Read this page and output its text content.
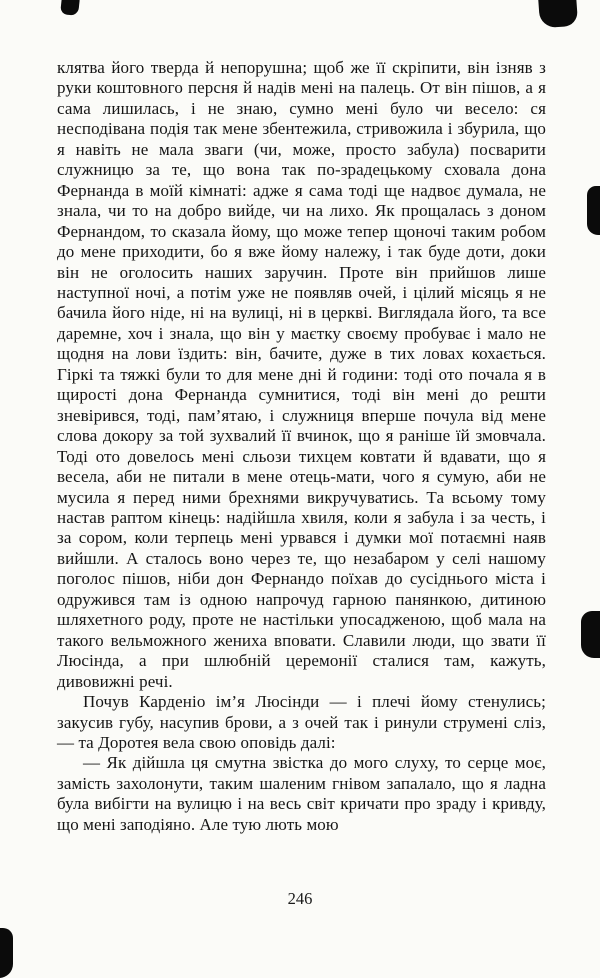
клятва його тверда й непорушна; щоб же її скріпити, він ізняв з руки коштовного персня й надів мені на палець. От він пішов, а я сама лишилась, і не знаю, сумно мені було чи весело: ся несподівана подія так мене збентежила, стривожила і збурила, що я навіть не мала зваги (чи, може, просто забула) посварити служницю за те, що вона так по-зрадецькому сховала дона Фернанда в моїй кімнаті: адже я сама тоді ще надвоє думала, не знала, чи то на добро вийде, чи на лихо. Як прощалась з доном Фернандом, то сказала йому, що може тепер щоночі таким робом до мене приходити, бо я вже йому належу, і так буде доти, доки він не оголосить наших заручин. Проте він прийшов лише наступної ночі, а потім уже не появляв очей, і цілий місяць я не бачила його ніде, ні на вулиці, ні в церкві. Виглядала його, та все даремне, хоч і знала, що він у маєтку своєму пробуває і мало не щодня на лови їздить: він, бачите, дуже в тих ловах кохається. Гіркі та тяжкі були то для мене дні й години: тоді ото почала я в щирості дона Фернанда сумнитися, тоді він мені до решти зневірився, тоді, пам’ятаю, і служниця вперше почула від мене слова докору за той зухвалий її вчинок, що я раніше їй змовчала. Тоді ото довелось мені сльози тихцем ковтати й вдавати, що я весела, аби не питали в мене отець-мати, чого я сумую, аби не мусила я перед ними брехнями викручуватись. Та всьому тому настав раптом кінець: надійшла хвиля, коли я забула і за честь, і за сором, коли терпець мені урвався і думки мої потаємні наяв вийшли. А сталось воно через те, що незабаром у селі нашому поголос пішов, ніби дон Фернандо поїхав до сусіднього міста і одружився там із одною напрочуд гарною панянкою, дитиною шляхетного роду, проте не настільки упосадженою, щоб мала на такого вельможного жениха вповати. Славили люди, що звати її Люсінда, а при шлюбній церемонії сталися там, кажуть, дивовижні речі.

Почув Карденіо ім’я Люсінди — і плечі йому стенулись; закусив губу, насупив брови, а з очей так і ринули струмені сліз, — та Доротея вела свою оповідь далі:

— Як дійшла ця смутна звістка до мого слуху, то серце моє, замість захолонути, таким шаленим гнівом запалало, що я ладна була вибігти на вулицю і на весь світ кричати про зраду і кривду, що мені заподіяно. Але тую лють мою

246
